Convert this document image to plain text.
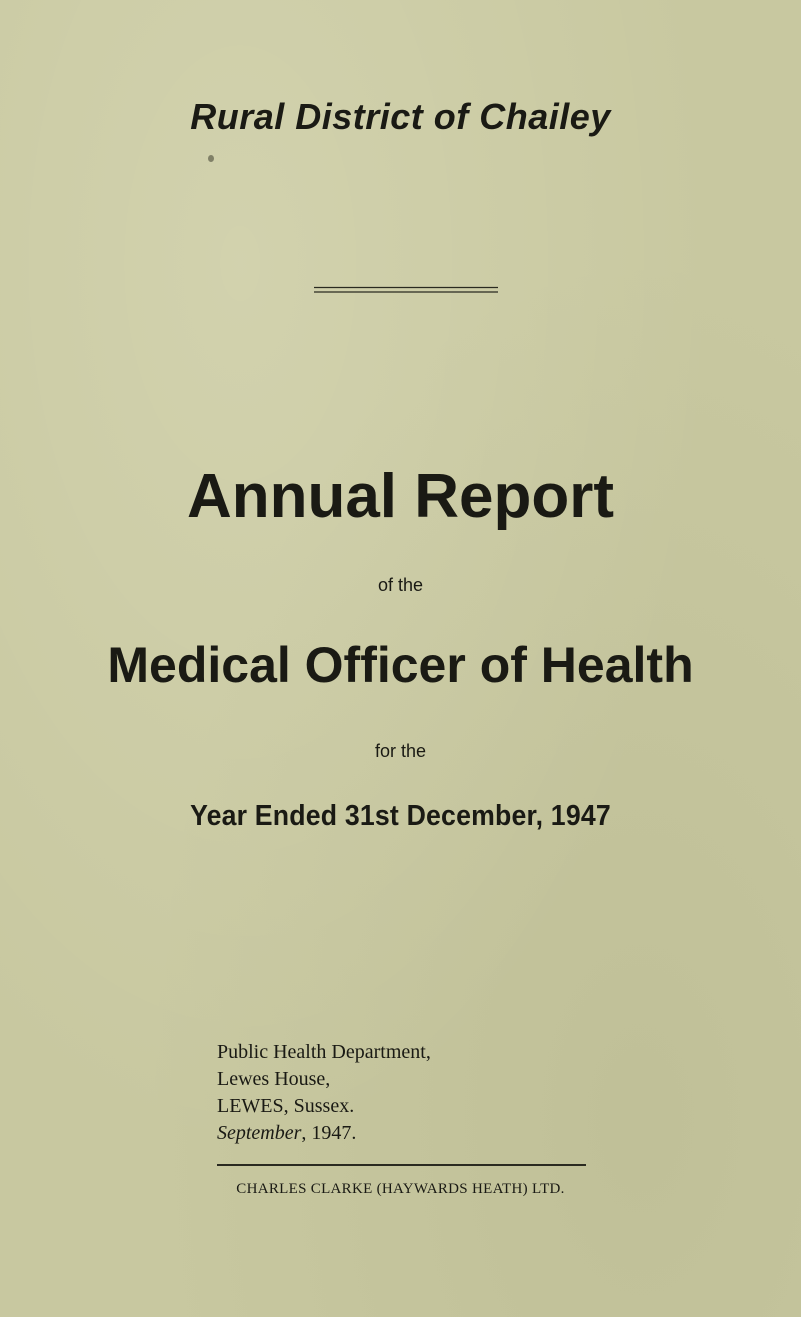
Rural District of Chailey
Annual Report
of the
Medical Officer of Health
for the
Year Ended 31st December, 1947
Public Health Department,
Lewes House,
LEWES, Sussex.
September, 1947.
CHARLES CLARKE (HAYWARDS HEATH) LTD.
